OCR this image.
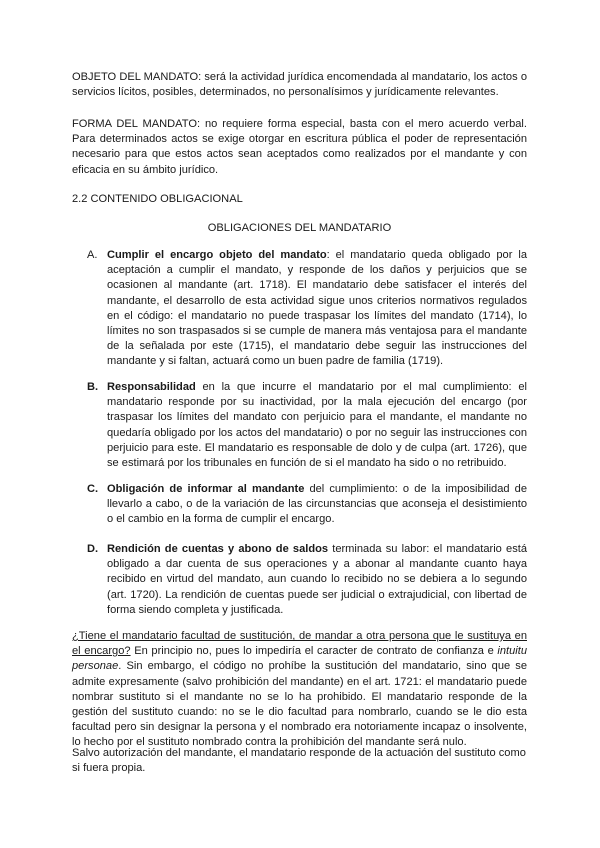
OBJETO DEL MANDATO: será la actividad jurídica encomendada al mandatario, los actos o servicios lícitos, posibles, determinados, no personalísimos y jurídicamente relevantes.

FORMA DEL MANDATO: no requiere forma especial, basta con el mero acuerdo verbal. Para determinados actos se exige otorgar en escritura pública el poder de representación necesario para que estos actos sean aceptados como realizados por el mandante y con eficacia en su ámbito jurídico.

2.2 CONTENIDO OBLIGACIONAL
OBLIGACIONES DEL MANDATARIO
A. Cumplir el encargo objeto del mandato: el mandatario queda obligado por la aceptación a cumplir el mandato, y responde de los daños y perjuicios que se ocasionen al mandante (art. 1718). El mandatario debe satisfacer el interés del mandante, el desarrollo de esta actividad sigue unos criterios normativos regulados en el código: el mandatario no puede traspasar los límites del mandato (1714), lo límites no son traspasados si se cumple de manera más ventajosa para el mandante de la señalada por este (1715), el mandatario debe seguir las instrucciones del mandante y si faltan, actuará como un buen padre de familia (1719).

B. Responsabilidad en la que incurre el mandatario por el mal cumplimiento: el mandatario responde por su inactividad, por la mala ejecución del encargo (por traspasar los límites del mandato con perjuicio para el mandante, el mandante no quedaría obligado por los actos del mandatario) o por no seguir las instrucciones con perjuicio para este. El mandatario es responsable de dolo y de culpa (art. 1726), que se estimará por los tribunales en función de si el mandato ha sido o no retribuido.

C. Obligación de informar al mandante del cumplimiento: o de la imposibilidad de llevarlo a cabo, o de la variación de las circunstancias que aconseja el desistimiento o el cambio en la forma de cumplir el encargo.

D. Rendición de cuentas y abono de saldos terminada su labor: el mandatario está obligado a dar cuenta de sus operaciones y a abonar al mandante cuanto haya recibido en virtud del mandato, aun cuando lo recibido no se debiera a lo segundo (art. 1720). La rendición de cuentas puede ser judicial o extrajudicial, con libertad de forma siendo completa y justificada.

¿Tiene el mandatario facultad de sustitución, de mandar a otra persona que le sustituya en el encargo? En principio no, pues lo impediría el caracter de contrato de confianza e intuitu personae. Sin embargo, el código no prohíbe la sustitución del mandatario, sino que se admite expresamente (salvo prohibición del mandante) en el art. 1721: el mandatario puede nombrar sustituto si el mandante no se lo ha prohibido. El mandatario responde de la gestión del sustituto cuando: no se le dio facultad para nombrarlo, cuando se le dio esta facultad pero sin designar la persona y el nombrado era notoriamente incapaz o insolvente, lo hecho por el sustituto nombrado contra la prohibición del mandante será nulo.

Salvo autorización del mandante, el mandatario responde de la actuación del sustituto como si fuera propia.
